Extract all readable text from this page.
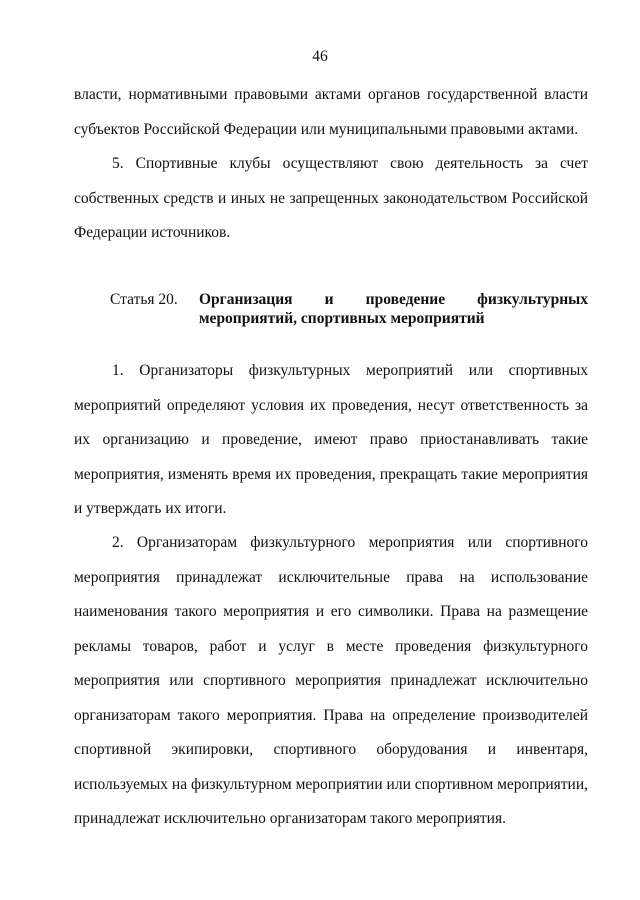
46

власти, нормативными правовыми актами органов государственной власти субъектов Российской Федерации или муниципальными правовыми актами.

5. Спортивные клубы осуществляют свою деятельность за счет собственных средств и иных не запрещенных законодательством Российской Федерации источников.

Статья 20. Организация и проведение физкультурных
мероприятий, спортивных мероприятий

1. Организаторы физкультурных мероприятий или спортивных мероприятий определяют условия их проведения, несут ответственность за их организацию и проведение, имеют право приостанавливать такие мероприятия, изменять время их проведения, прекращать такие мероприятия и утверждать их итоги.

2. Организаторам физкультурного мероприятия или спортивного мероприятия принадлежат исключительные права на использование наименования такого мероприятия и его символики. Права на размещение рекламы товаров, работ и услуг в месте проведения физкультурного мероприятия или спортивного мероприятия принадлежат исключительно организаторам такого мероприятия. Права на определение производителей спортивной экипировки, спортивного оборудования и инвентаря, используемых на физкультурном мероприятии или спортивном мероприятии, принадлежат исключительно организаторам такого мероприятия.
